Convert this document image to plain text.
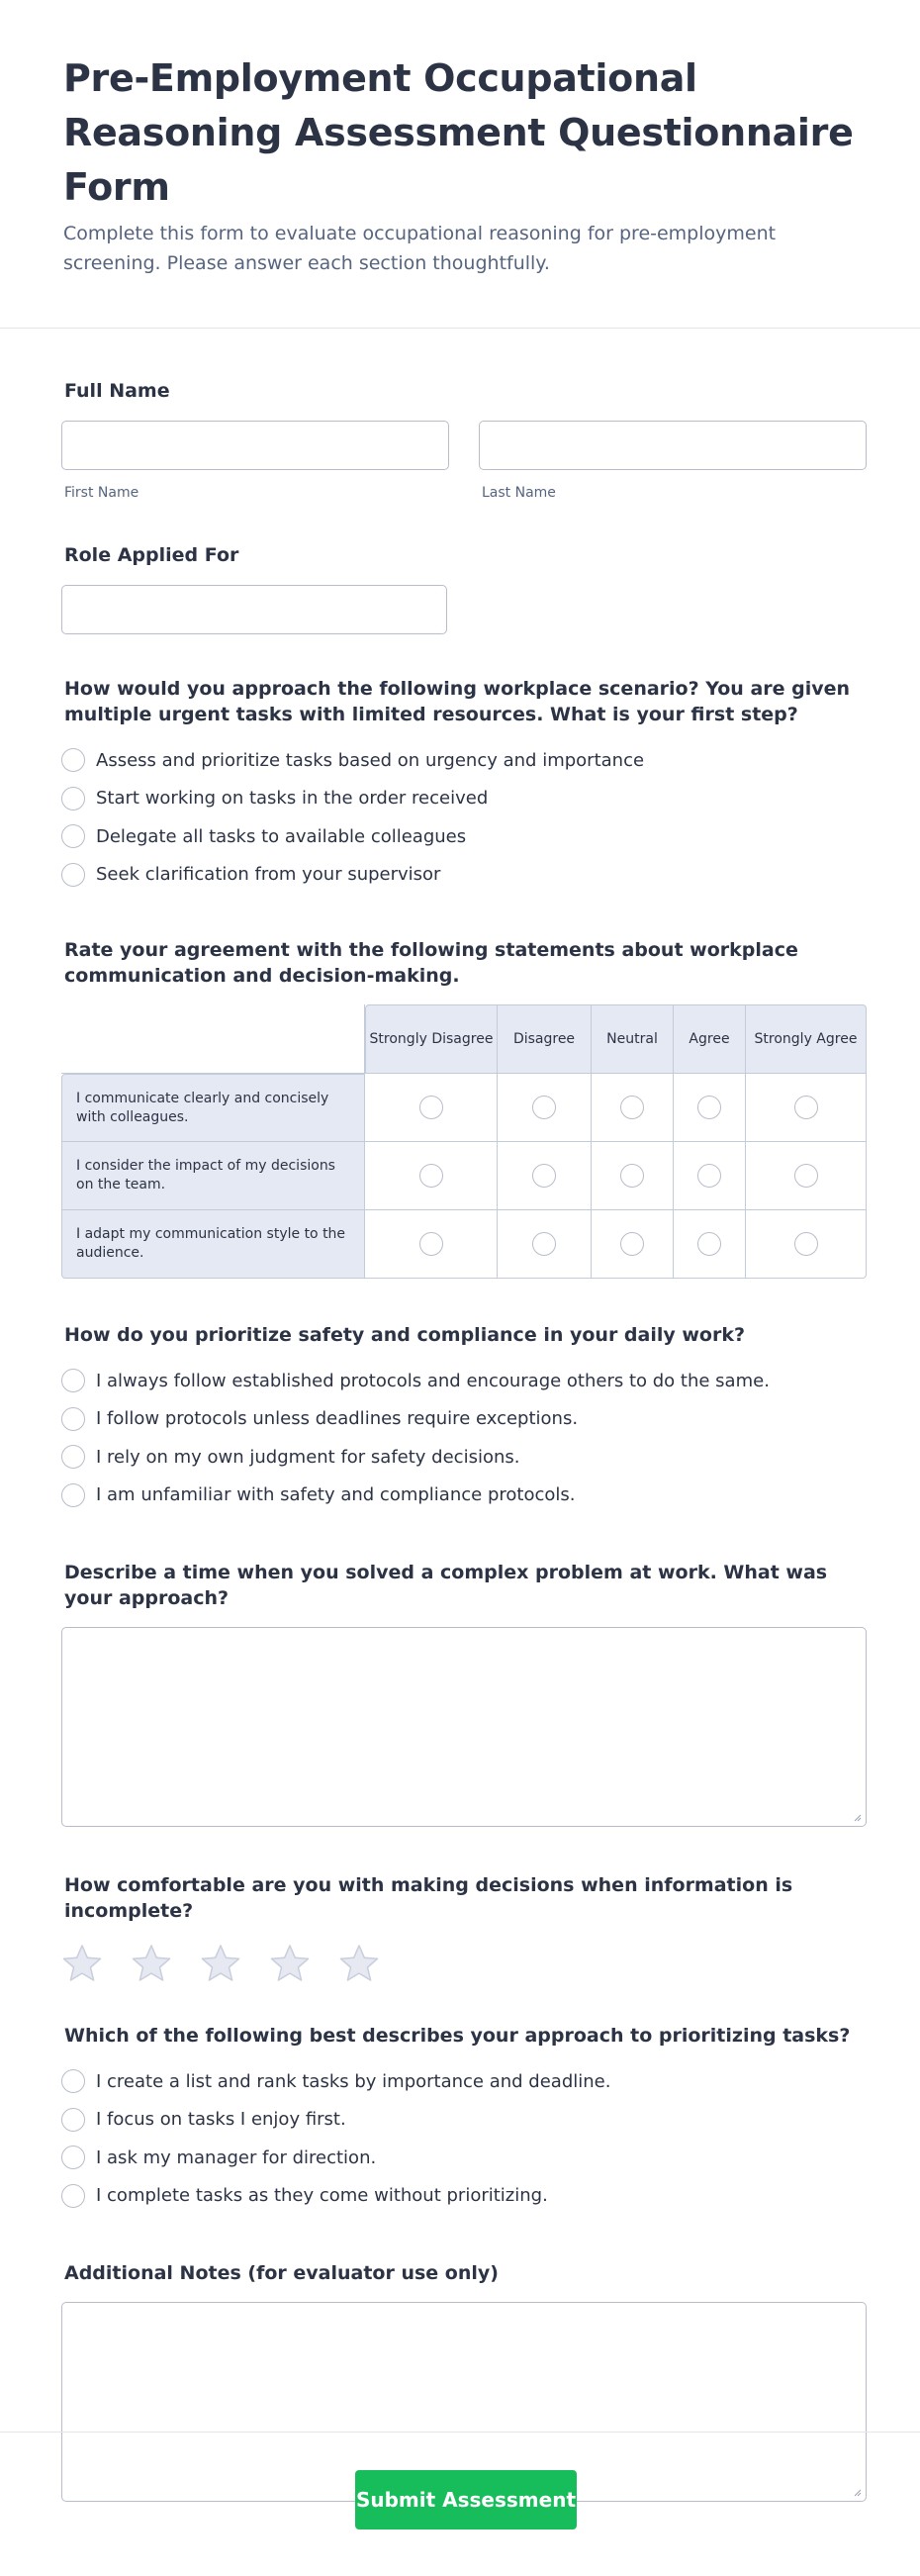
Pre-Employment Occupational Reasoning Assessment Questionnaire Form

Complete this form to evaluate occupational reasoning for pre-employment screening. Please answer each section thoughtfully.

Full Name
First Name	Last Name
Role Applied For
How would you approach the following workplace scenario? You are given multiple urgent tasks with limited resources. What is your first step?
Assess and prioritize tasks based on urgency and importance
Start working on tasks in the order received
Delegate all tasks to available colleagues
Seek clarification from your supervisor
Rate your agreement with the following statements about workplace communication and decision-making.
	Strongly Disagree	Disagree	Neutral	Agree	Strongly Agree
I communicate clearly and concisely with colleagues.					
I consider the impact of my decisions on the team.					
I adapt my communication style to the audience.					
How do you prioritize safety and compliance in your daily work?
I always follow established protocols and encourage others to do the same.
I follow protocols unless deadlines require exceptions.
I rely on my own judgment for safety decisions.
I am unfamiliar with safety and compliance protocols.
Describe a time when you solved a complex problem at work. What was your approach?
How comfortable are you with making decisions when information is incomplete?
Which of the following best describes your approach to prioritizing tasks?
I create a list and rank tasks by importance and deadline.
I focus on tasks I enjoy first.
I ask my manager for direction.
I complete tasks as they come without prioritizing.
Additional Notes (for evaluator use only)
Submit Assessment
